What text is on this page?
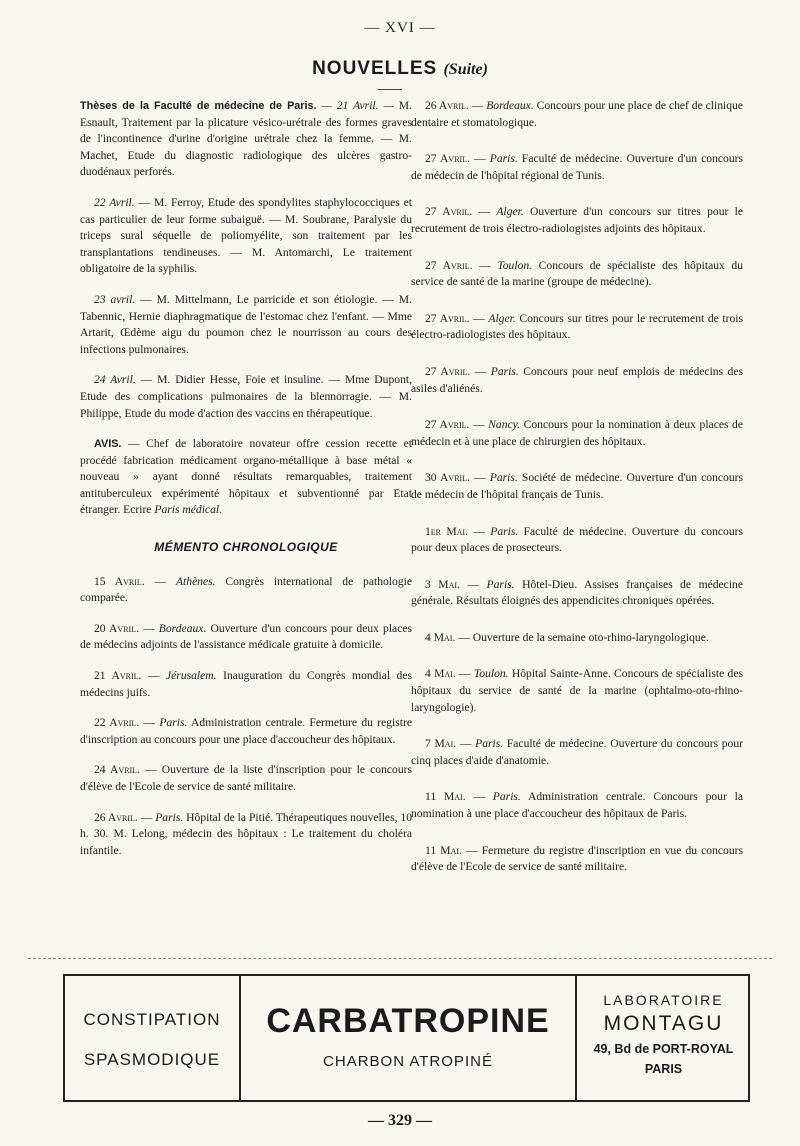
— XVI —
NOUVELLES (Suite)

Thèses de la Faculté de médecine de Paris. — 21 Avril. — M. Esnault, Traitement par la plicature vésico-urétrale des formes graves de l'incontinence d'urine d'origine urétrale chez la femme. — M. Machet, Etude du diagnostic radiologique des ulcères gastro-duodénaux perforés.

22 Avril. — M. Ferroy, Etude des spondylites staphylococciques et cas particulier de leur forme subaiguë. — M. Soubrane, Paralysie du triceps sural séquelle de poliomyélite, son traitement par les transplantations tendineuses. — M. Antomarchi, Le traitement obligatoire de la syphilis.

23 avril. — M. Mittelmann, Le parricide et son étiologie. — M. Tabennic, Hernie diaphragmatique de l'estomac chez l'enfant. — Mme Artarit, Œdème aigu du poumon chez le nourrisson au cours des infections pulmonaires.

24 Avril. — M. Didier Hesse, Foie et insuline. — Mme Dupont, Etude des complications pulmonaires de la blennorragie. — M. Philippe, Etude du mode d'action des vaccins en thérapeutique.

AVIS. — Chef de laboratoire novateur offre cession recette et procédé fabrication médicament organo-métallique à base métal « nouveau » ayant donné résultats remarquables, traitement antituberculeux expérimenté hôpitaux et subventionné par Etat étranger. Ecrire Paris médical.

MÉMENTO CHRONOLOGIQUE

15 Avril. — Athènes. Congrès international de pathologie comparée.

20 Avril. — Bordeaux. Ouverture d'un concours pour deux places de médecins adjoints de l'assistance médicale gratuite à domicile.

21 Avril. — Jérusalem. Inauguration du Congrès mondial des médecins juifs.

22 Avril. — Paris. Administration centrale. Fermeture du registre d'inscription au concours pour une place d'accoucheur des hôpitaux.

24 Avril. — Ouverture de la liste d'inscription pour le concours d'élève de l'Ecole de service de santé militaire.

26 Avril. — Paris. Hôpital de la Pitié. Thérapeutiques nouvelles, 10 h. 30. M. Lelong, médecin des hôpitaux : Le traitement du choléra infantile.

26 Avril. — Bordeaux. Concours pour une place de chef de clinique dentaire et stomatologique.

27 Avril. — Paris. Faculté de médecine. Ouverture d'un concours de médecin de l'hôpital régional de Tunis.

27 Avril. — Alger. Ouverture d'un concours sur titres pour le recrutement de trois électro-radiologistes adjoints des hôpitaux.

27 Avril. — Toulon. Concours de spécialiste des hôpitaux du service de santé de la marine (groupe de médecine).

27 Avril. — Alger. Concours sur titres pour le recrutement de trois électro-radiologistes des hôpitaux.

27 Avril. — Paris. Concours pour neuf emplois de médecins des asiles d'aliénés.

27 Avril. — Nancy. Concours pour la nomination à deux places de médecin et à une place de chirurgien des hôpitaux.

30 Avril. — Paris. Société de médecine. Ouverture d'un concours de médecin de l'hôpital français de Tunis.

1er Mai. — Paris. Faculté de médecine. Ouverture du concours pour deux places de prosecteurs.

3 Mai. — Paris. Hôtel-Dieu. Assises françaises de médecine générale. Résultats éloignés des appendicites chroniques opérées.

4 Mai. — Ouverture de la semaine oto-rhino-laryngologique.

4 Mai. — Toulon. Hôpital Sainte-Anne. Concours de spécialiste des hôpitaux du service de santé de la marine (ophtalmo-oto-rhino-laryngologie).

7 Mai. — Paris. Faculté de médecine. Ouverture du concours pour cinq places d'aide d'anatomie.

11 Mai. — Paris. Administration centrale. Concours pour la nomination à une place d'accoucheur des hôpitaux de Paris.

11 Mai. — Fermeture du registre d'inscription en vue du concours d'élève de l'Ecole de service de santé militaire.

CONSTIPATION
SPASMODIQUE
CARBATROPINE
CHARBON ATROPINÉ
LABORATOIRE
MONTAGU
49, Bd de PORT-ROYAL
PARIS
— 329 —
